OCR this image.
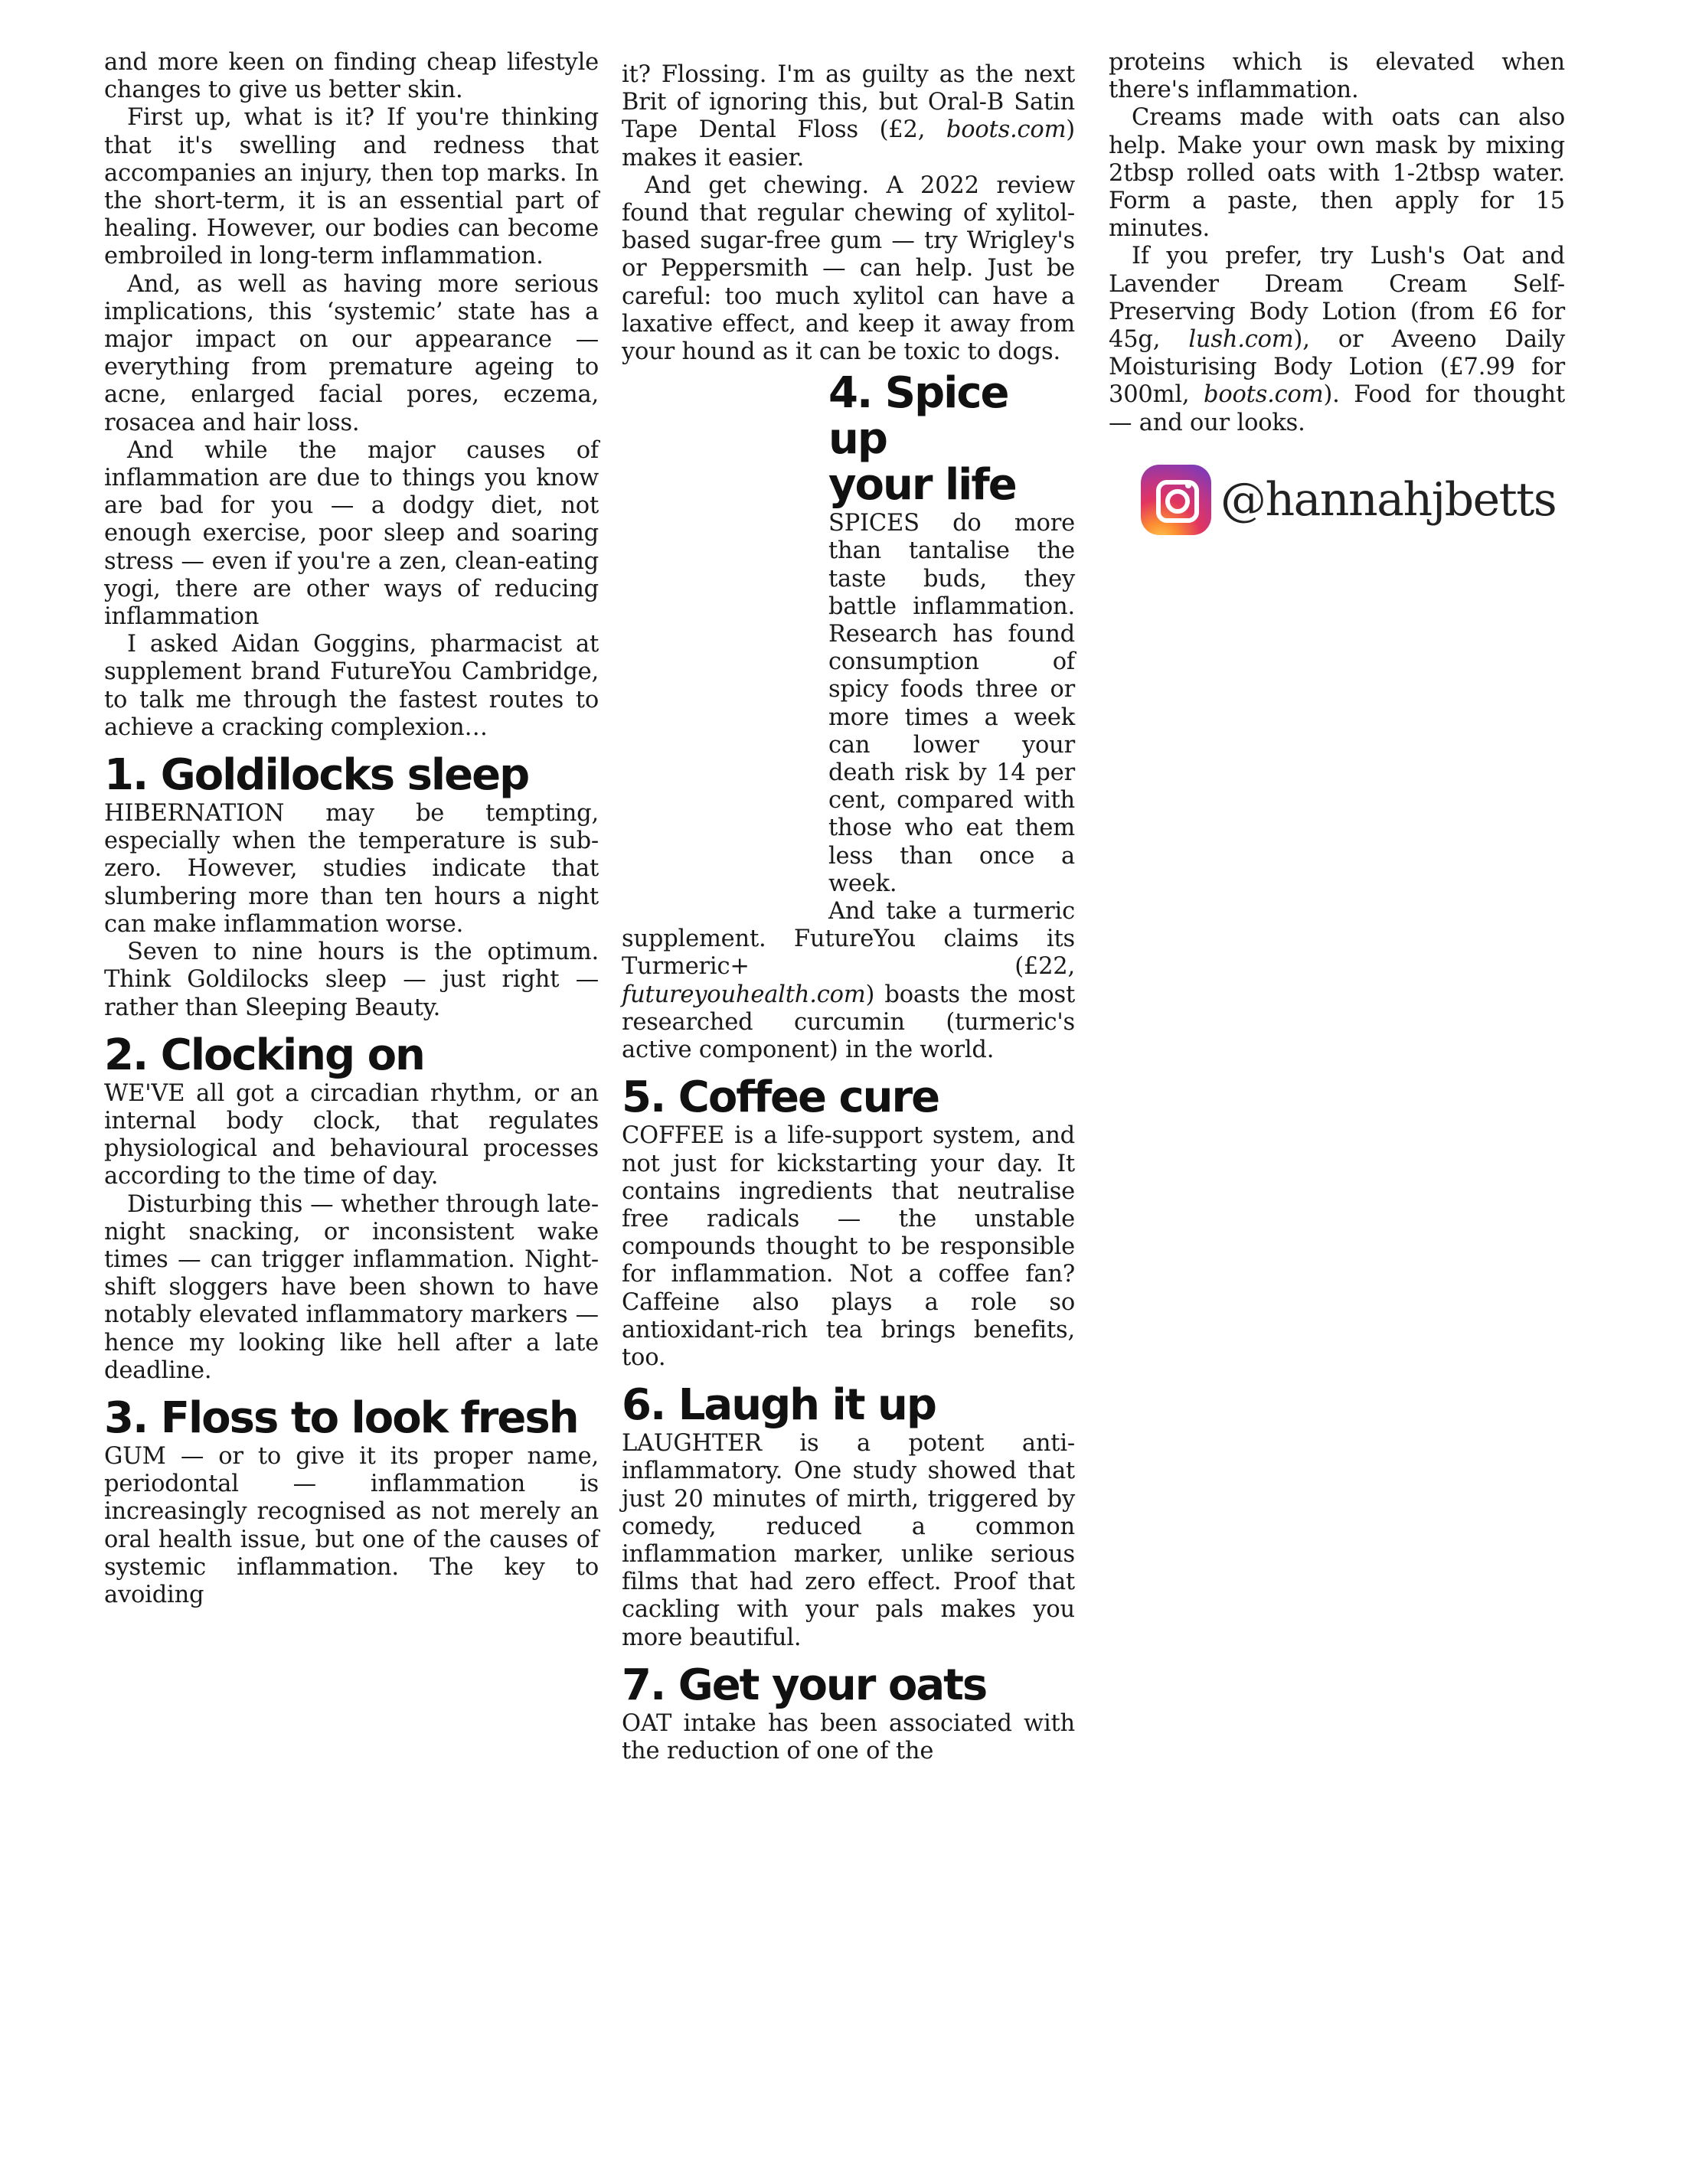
and more keen on finding cheap lifestyle changes to give us better skin.

First up, what is it? If you're thinking that it's swelling and redness that accompanies an injury, then top marks. In the short-term, it is an essential part of healing. However, our bodies can become embroiled in long-term inflammation.

And, as well as having more serious implications, this ‘systemic’ state has a major impact on our appearance — everything from premature ageing to acne, enlarged facial pores, eczema, rosacea and hair loss.

And while the major causes of inflammation are due to things you know are bad for you — a dodgy diet, not enough exercise, poor sleep and soaring stress — even if you're a zen, clean-eating yogi, there are other ways of reducing inflammation

I asked Aidan Goggins, pharmacist at supplement brand FutureYou Cambridge, to talk me through the fastest routes to achieve a cracking complexion…

1. Goldilocks sleep

HIBERNATION may be tempting, especially when the temperature is sub-zero. However, studies indicate that slumbering more than ten hours a night can make inflammation worse.

Seven to nine hours is the optimum. Think Goldilocks sleep — just right — rather than Sleeping Beauty.

2. Clocking on

WE'VE all got a circadian rhythm, or an internal body clock, that regulates physiological and behavioural processes according to the time of day.

Disturbing this — whether through late-night snacking, or inconsistent wake times — can trigger inflammation. Night-shift sloggers have been shown to have notably elevated inflammatory markers — hence my looking like hell after a late deadline.

3. Floss to look fresh

GUM — or to give it its proper name, periodontal — inflammation is increasingly recognised as not merely an oral health issue, but one of the causes of systemic inflammation. The key to avoiding

it? Flossing. I'm as guilty as the next Brit of ignoring this, but Oral-B Satin Tape Dental Floss (£2, boots.com) makes it easier.

And get chewing. A 2022 review found that regular chewing of xylitol-based sugar-free gum — try Wrigley's or Peppersmith — can help. Just be careful: too much xylitol can have a laxative effect, and keep it away from your hound as it can be toxic to dogs.

4. Spice up
your life

SPICES do more than tantalise the taste buds, they battle inflammation. Research has found consumption of spicy foods three or more times a week can lower your death risk by 14 per cent, compared with those who eat them less than once a week.

And take a turmeric supplement. FutureYou claims its Turmeric+ (£22, futureyouhealth.com) boasts the most researched curcumin (turmeric's active component) in the world.

5. Coffee cure

COFFEE is a life-support system, and not just for kickstarting your day. It contains ingredients that neutralise free radicals — the unstable compounds thought to be responsible for inflammation. Not a coffee fan? Caffeine also plays a role so antioxidant-rich tea brings benefits, too.

6. Laugh it up

LAUGHTER is a potent anti-inflammatory. One study showed that just 20 minutes of mirth, triggered by comedy, reduced a common inflammation marker, unlike serious films that had zero effect. Proof that cackling with your pals makes you more beautiful.

7. Get your oats

OAT intake has been associated with the reduction of one of the

proteins which is elevated when there's inflammation.

Creams made with oats can also help. Make your own mask by mixing 2tbsp rolled oats with 1-2tbsp water. Form a paste, then apply for 15 minutes.

If you prefer, try Lush's Oat and Lavender Dream Cream Self-Preserving Body Lotion (from £6 for 45g, lush.com), or Aveeno Daily Moisturising Body Lotion (£7.99 for 300ml, boots.com). Food for thought — and our looks.

@hannahjbetts
